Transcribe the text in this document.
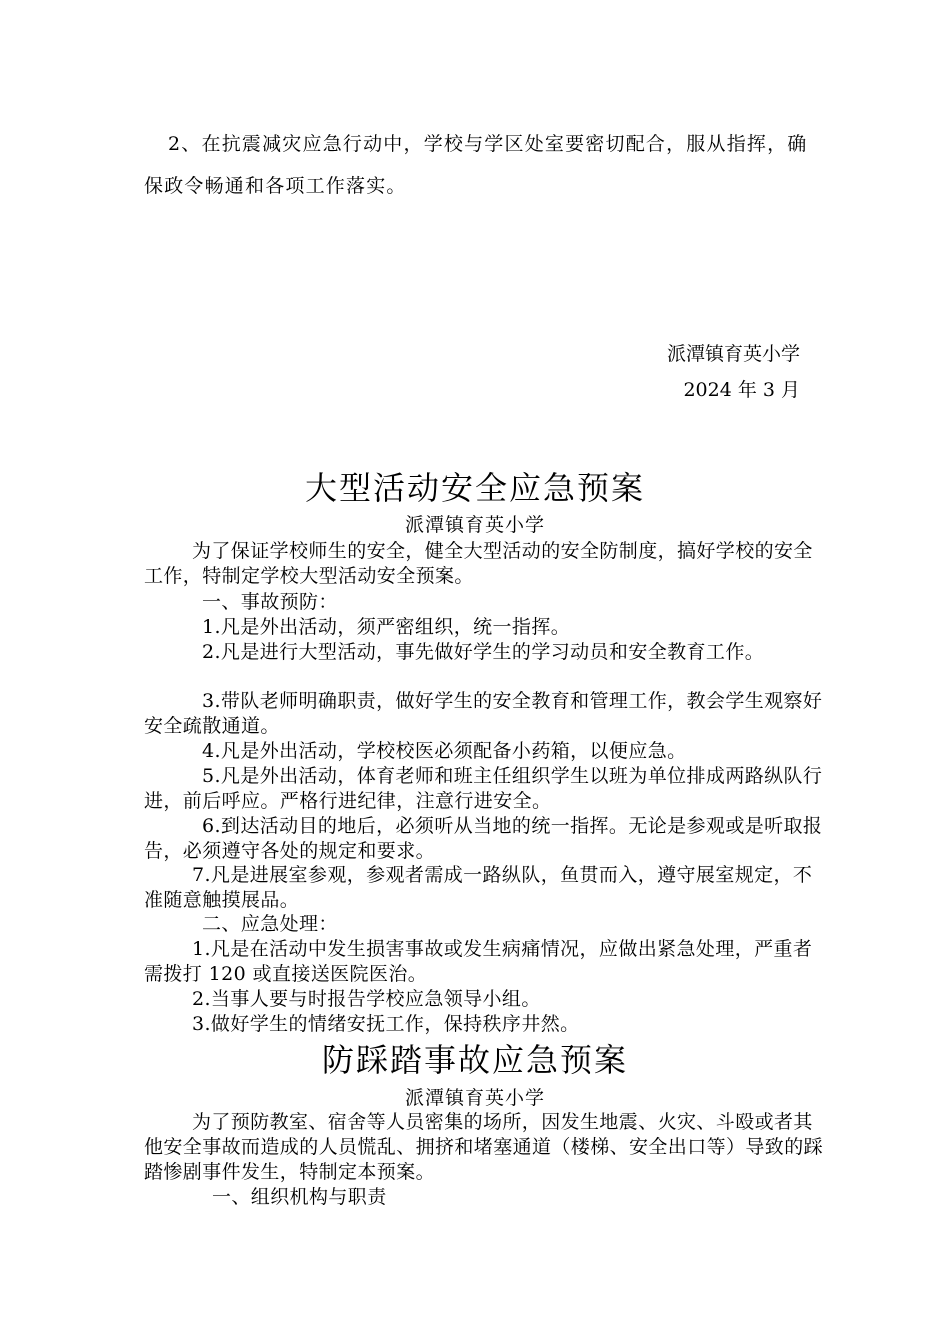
2、在抗震减灾应急行动中，学校与学区处室要密切配合，服从指挥，确保政令畅通和各项工作落实。

派潭镇育英小学

2024 年 3 月

大型活动安全应急预案

派潭镇育英小学

为了保证学校师生的安全，健全大型活动的安全防制度，搞好学校的安全工作，特制定学校大型活动安全预案。

一、事故预防：

1.凡是外出活动，须严密组织，统一指挥。

2.凡是进行大型活动，事先做好学生的学习动员和安全教育工作。

3.带队老师明确职责，做好学生的安全教育和管理工作，教会学生观察好安全疏散通道。

4.凡是外出活动，学校校医必须配备小药箱，以便应急。

5.凡是外出活动，体育老师和班主任组织学生以班为单位排成两路纵队行进，前后呼应。严格行进纪律，注意行进安全。

6.到达活动目的地后，必须听从当地的统一指挥。无论是参观或是听取报告，必须遵守各处的规定和要求。

7.凡是进展室参观，参观者需成一路纵队，鱼贯而入，遵守展室规定，不准随意触摸展品。

二、应急处理：

1.凡是在活动中发生损害事故或发生病痛情况，应做出紧急处理，严重者需拨打 120 或直接送医院医治。

2.当事人要与时报告学校应急领导小组。

3.做好学生的情绪安抚工作，保持秩序井然。

防踩踏事故应急预案

派潭镇育英小学

为了预防教室、宿舍等人员密集的场所，因发生地震、火灾、斗殴或者其他安全事故而造成的人员慌乱、拥挤和堵塞通道（楼梯、安全出口等）导致的踩踏惨剧事件发生，特制定本预案。

一、组织机构与职责
